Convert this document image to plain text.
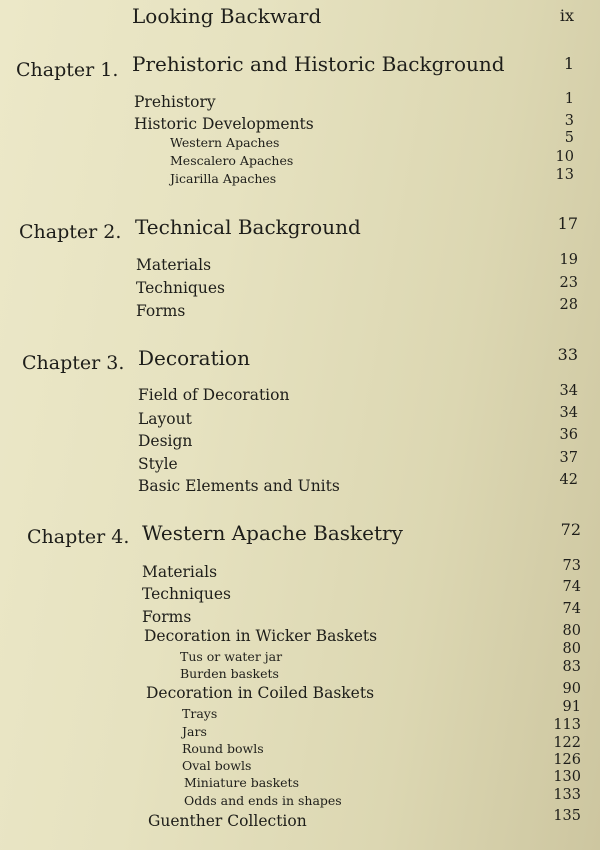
Looking Backward	ix
Chapter 1. Prehistoric and Historic Background	1
Prehistory	1
Historic Developments	3
Western Apaches	5
Mescalero Apaches	10
Jicarilla Apaches	13
Chapter 2. Technical Background	17
Materials	19
Techniques	23
Forms	28
Chapter 3. Decoration	33
Field of Decoration	34
Layout	34
Design	36
Style	37
Basic Elements and Units	42
Chapter 4. Western Apache Basketry	72
Materials	73
Techniques	74
Forms	74
Decoration in Wicker Baskets	80
Tus or water jar	80
Burden baskets	83
Decoration in Coiled Baskets	90
Trays	91
Jars	113
Round bowls	122
Oval bowls	126
Miniature baskets	130
Odds and ends in shapes	133
Guenther Collection	135
